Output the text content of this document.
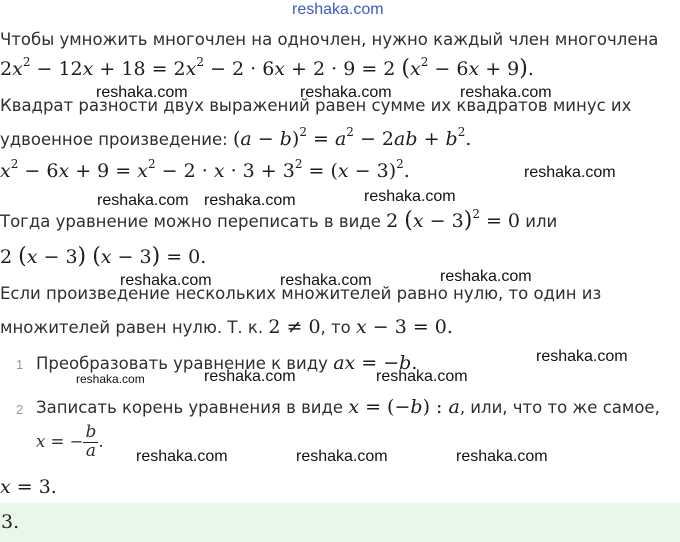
reshaka.com
reshaka.com	reshaka.com	reshaka.com
reshaka.com
reshaka.com reshaka.com	reshaka.com
reshaka.com	reshaka.com	reshaka.com
reshaka.com
reshaka.com	reshaka.com	reshaka.com
reshaka.com	reshaka.com	reshaka.com
Чтобы умножить многочлен на одночлен, нужно каждый член многочлена
$2x^2 - 12x + 18 = 2x^2 - 2 \cdot 6x + 2 \cdot 9 = 2$ $(x^2 - 6x + 9)$.
Квадрат разности двух выражений равен сумме их квадратов минус их
удвоенное произведение: $(a - b)^2 = a^2 - 2ab + b^2$.
$x^2 - 6x + 9 = x^2 - 2 \cdot x \cdot 3 + 3^2 = (x - 3)^2$.
Тогда уравнение можно переписать в виде 2 $(x - 3)^2 = 0$ или
2 (x − 3) (x − 3) = 0.
Если произведение нескольких множителей равно нулю, то один из
множителей равен нулю. Т. к. 2 ≠ 0, то x − 3 = 0.
1 Преобразовать уравнение к виду ax = −b.
2 Записать корень уравнения в виде x = (−b) : a, или, что то же самое,
x = − $\frac{b}{a}$ .
x = 3.
3.
